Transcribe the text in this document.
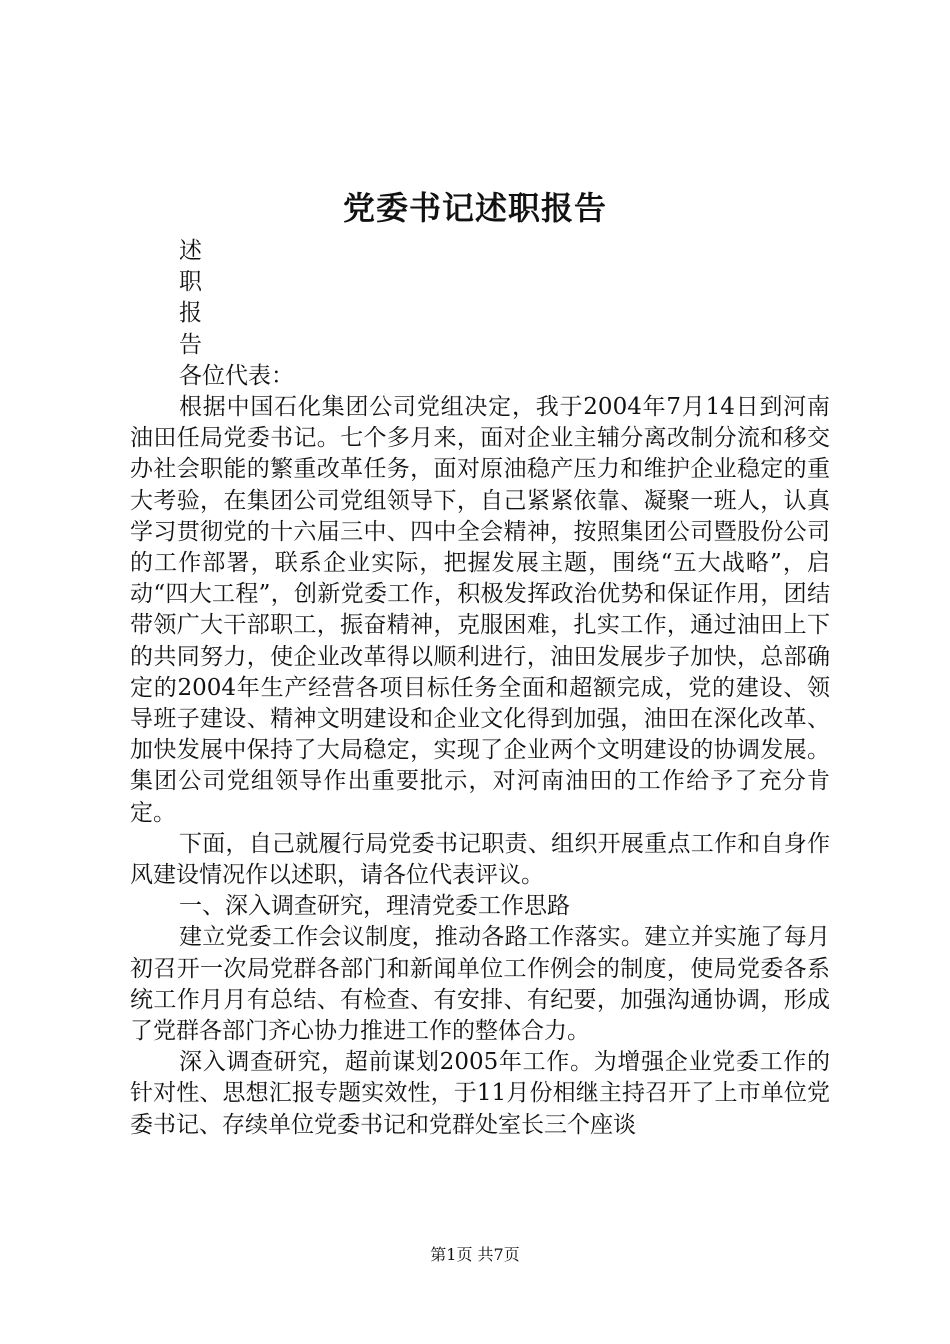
党委书记述职报告
述
职
报
告
各位代表：

根据中国石化集团公司党组决定，我于2004年7月14日到河南油田任局党委书记。七个多月来，面对企业主辅分离改制分流和移交办社会职能的繁重改革任务，面对原油稳产压力和维护企业稳定的重大考验，在集团公司党组领导下，自己紧紧依靠、凝聚一班人，认真学习贯彻党的十六届三中、四中全会精神，按照集团公司暨股份公司的工作部署，联系企业实际，把握发展主题，围绕“五大战略”，启动“四大工程”，创新党委工作，积极发挥政治优势和保证作用，团结带领广大干部职工，振奋精神，克服困难，扎实工作，通过油田上下的共同努力，使企业改革得以顺利进行，油田发展步子加快，总部确定的2004年生产经营各项目标任务全面和超额完成，党的建设、领导班子建设、精神文明建设和企业文化得到加强，油田在深化改革、加快发展中保持了大局稳定，实现了企业两个文明建设的协调发展。集团公司党组领导作出重要批示，对河南油田的工作给予了充分肯定。

下面，自己就履行局党委书记职责、组织开展重点工作和自身作风建设情况作以述职，请各位代表评议。

一、深入调查研究，理清党委工作思路

建立党委工作会议制度，推动各路工作落实。建立并实施了每月初召开一次局党群各部门和新闻单位工作例会的制度，使局党委各系统工作月月有总结、有检查、有安排、有纪要，加强沟通协调，形成了党群各部门齐心协力推进工作的整体合力。

深入调查研究，超前谋划2005年工作。为增强企业党委工作的针对性、思想汇报专题实效性，于11月份相继主持召开了上市单位党委书记、存续单位党委书记和党群处室长三个座谈

第1页 共7页
